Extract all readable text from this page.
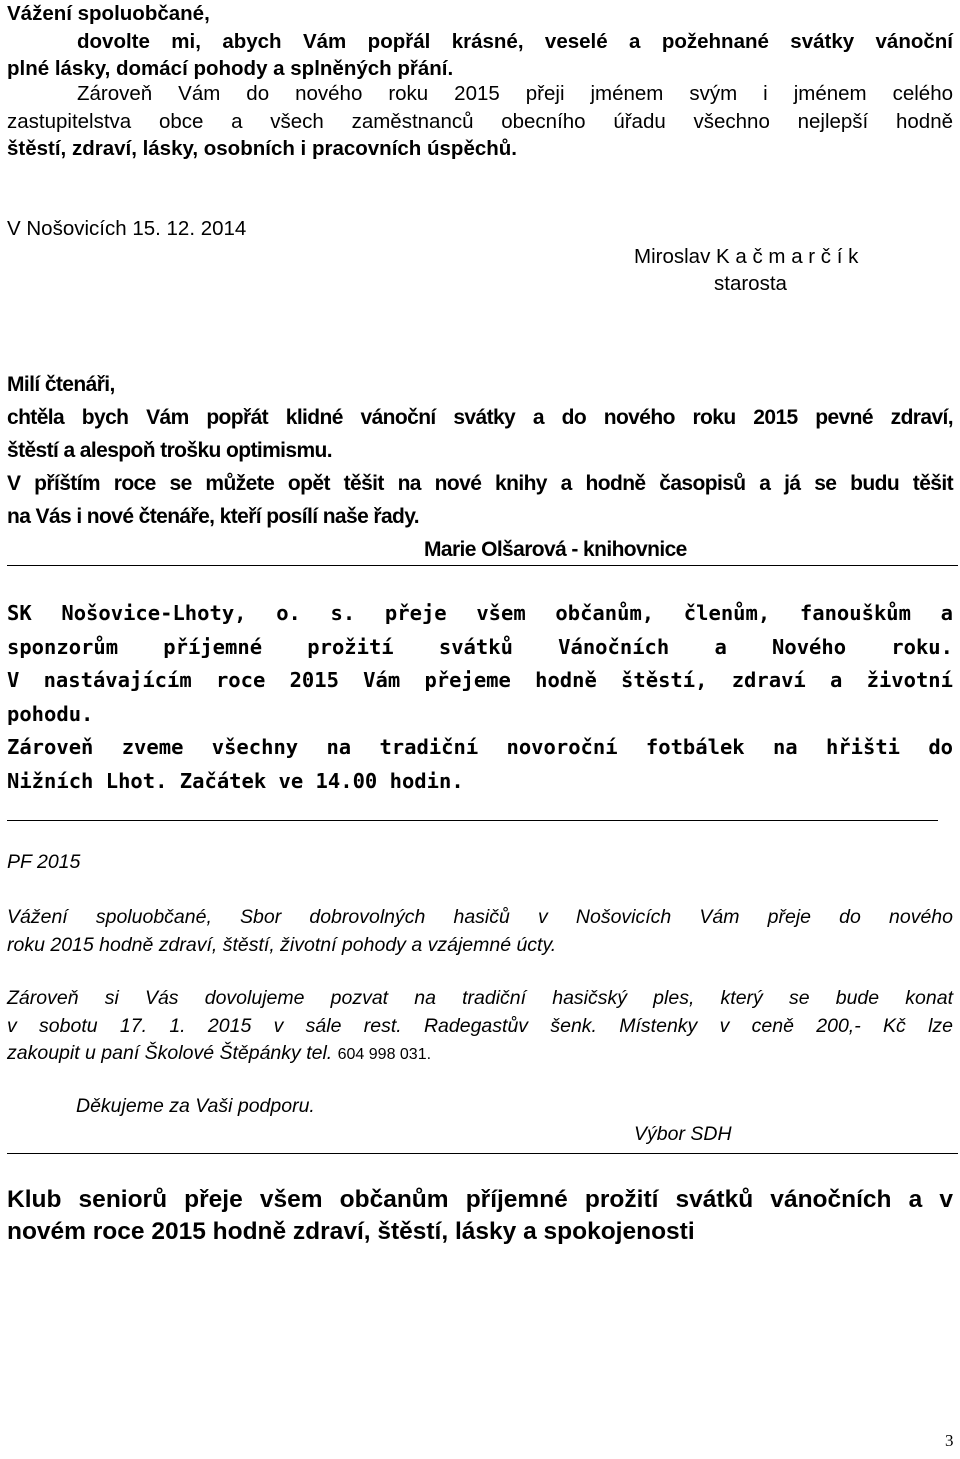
Vážení spoluobčané,
dovolte mi, abych Vám popřál krásné, veselé a požehnané svátky vánoční
plné lásky, domácí pohody a splněných přání.
Zároveň Vám do nového roku 2015 přeji jménem svým i jménem celého
zastupitelstva obce a všech zaměstnanců obecního úřadu všechno nejlepší hodně
štěstí, zdraví, lásky, osobních i pracovních úspěchů.
V Nošovicích 15. 12. 2014
Miroslav K a č m a r č í k
starosta
Milí čtenáři,
chtěla bych Vám popřát klidné vánoční svátky a do nového roku 2015 pevné zdraví,
štěstí a alespoň trošku optimismu.
V příštím roce se můžete opět těšit na nové knihy a hodně časopisů a já se budu těšit
na Vás i nové čtenáře, kteří posílí naše řady.
Marie Olšarová - knihovnice
SK Nošovice-Lhoty, o. s. přeje všem občanům, členům, fanouškům a
sponzorům příjemné prožití svátků Vánočních a Nového roku.
V nastávajícím roce 2015 Vám přejeme hodně štěstí, zdraví a životní
pohodu.
Zároveň zveme všechny na tradiční novoroční fotbálek na hřišti do
Nižních Lhot. Začátek ve 14.00 hodin.
PF 2015
Vážení spoluobčané, Sbor dobrovolných hasičů v Nošovicích Vám přeje do nového
roku 2015 hodně zdraví, štěstí, životní pohody a vzájemné úcty.
Zároveň si Vás dovolujeme pozvat na tradiční hasičský ples, který se bude konat
v sobotu 17. 1. 2015 v sále rest. Radegastův šenk. Místenky v ceně 200,- Kč lze
zakoupit u paní Školové Štěpánky tel. 604 998 031.
Děkujeme za Vaši podporu.
Výbor SDH
Klub seniorů přeje všem občanům příjemné prožití svátků vánočních a v
novém roce 2015 hodně zdraví, štěstí, lásky a spokojenosti
3
